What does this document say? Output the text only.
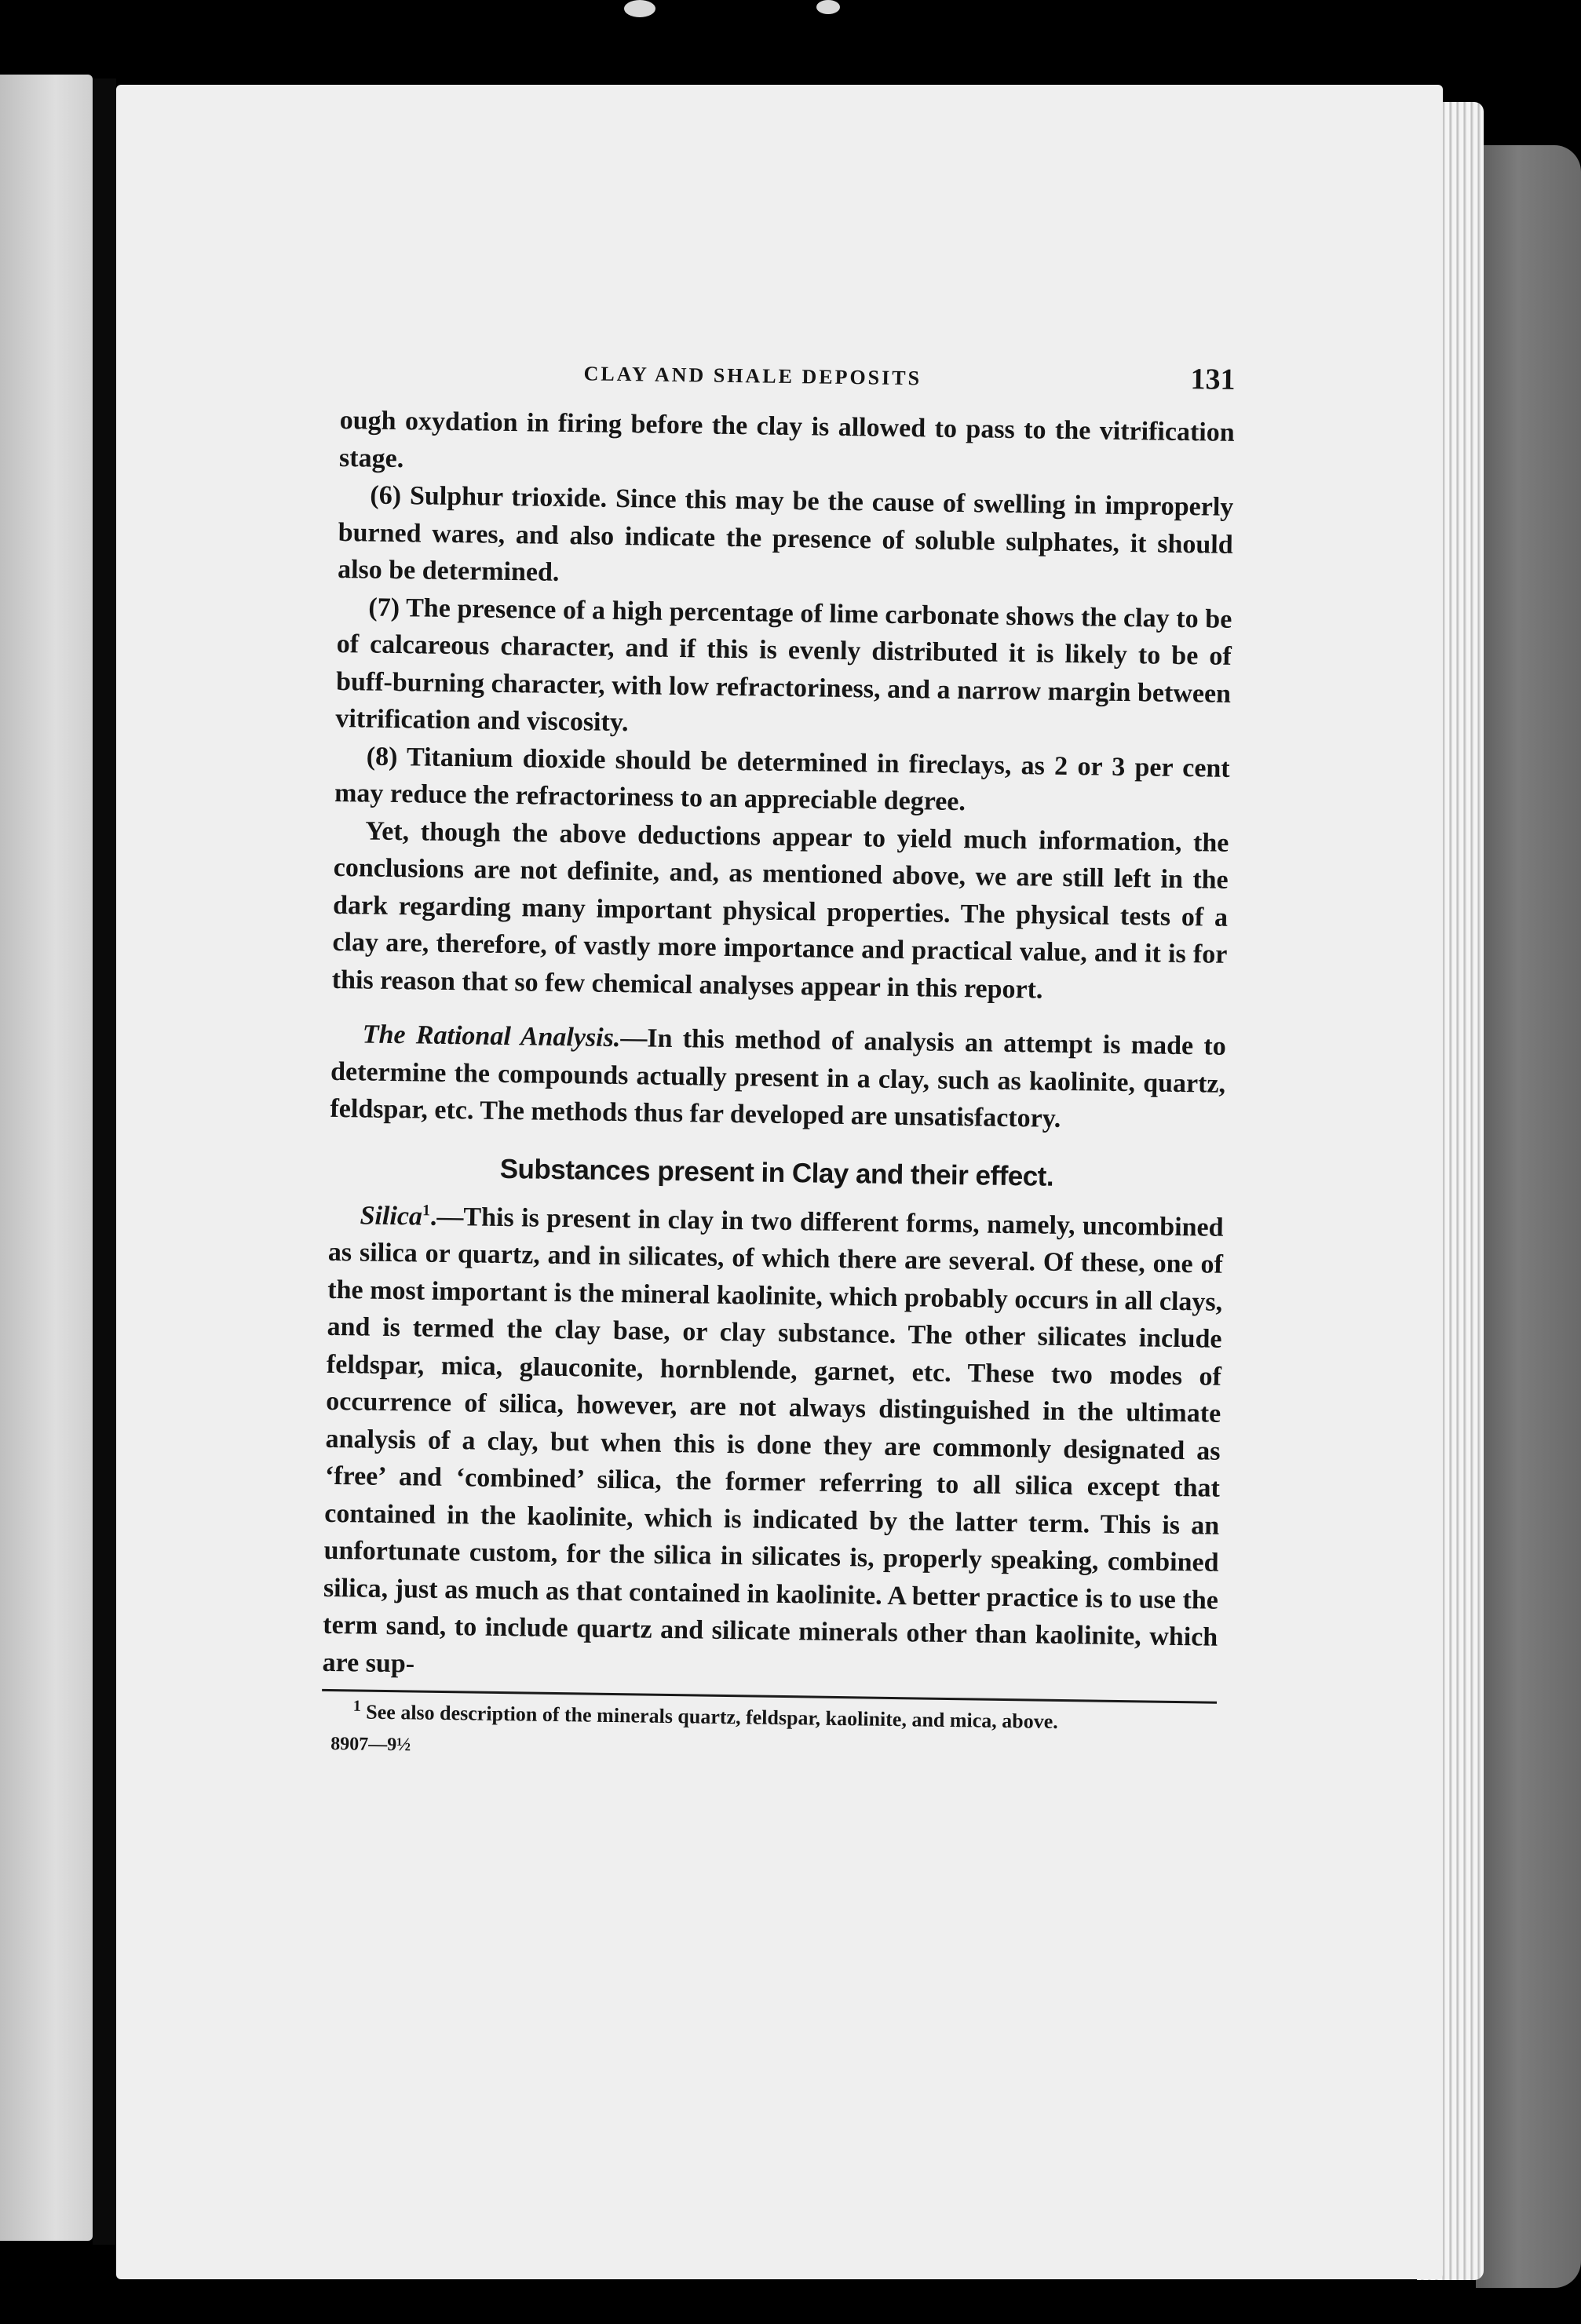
CLAY AND SHALE DEPOSITS	131

ough oxydation in firing before the clay is allowed to pass to the vitrification stage.

(6) Sulphur trioxide. Since this may be the cause of swelling in improperly burned wares, and also indicate the presence of soluble sulphates, it should also be determined.

(7) The presence of a high percentage of lime carbonate shows the clay to be of calcareous character, and if this is evenly distributed it is likely to be of buff-burning character, with low refractoriness, and a narrow margin between vitrification and viscosity.

(8) Titanium dioxide should be determined in fireclays, as 2 or 3 per cent may reduce the refractoriness to an appreciable degree.

Yet, though the above deductions appear to yield much information, the conclusions are not definite, and, as mentioned above, we are still left in the dark regarding many important physical properties. The physical tests of a clay are, therefore, of vastly more importance and practical value, and it is for this reason that so few chemical analyses appear in this report.

The Rational Analysis.—In this method of analysis an attempt is made to determine the compounds actually present in a clay, such as kaolinite, quartz, feldspar, etc. The methods thus far developed are unsatisfactory.

Substances present in Clay and their effect.

Silica$^1$.—This is present in clay in two different forms, namely, uncombined as silica or quartz, and in silicates, of which there are several. Of these, one of the most important is the mineral kaolinite, which probably occurs in all clays, and is termed the clay base, or clay substance. The other silicates include feldspar, mica, glauconite, hornblende, garnet, etc. These two modes of occurrence of silica, however, are not always distinguished in the ultimate analysis of a clay, but when this is done they are commonly designated as ‘free’ and ‘combined’ silica, the former referring to all silica except that contained in the kaolinite, which is indicated by the latter term. This is an unfortunate custom, for the silica in silicates is, properly speaking, combined silica, just as much as that contained in kaolinite. A better practice is to use the term sand, to include quartz and silicate minerals other than kaolinite, which are sup-

$^1$ See also description of the minerals quartz, feldspar, kaolinite, and mica, above.

8907—9½
